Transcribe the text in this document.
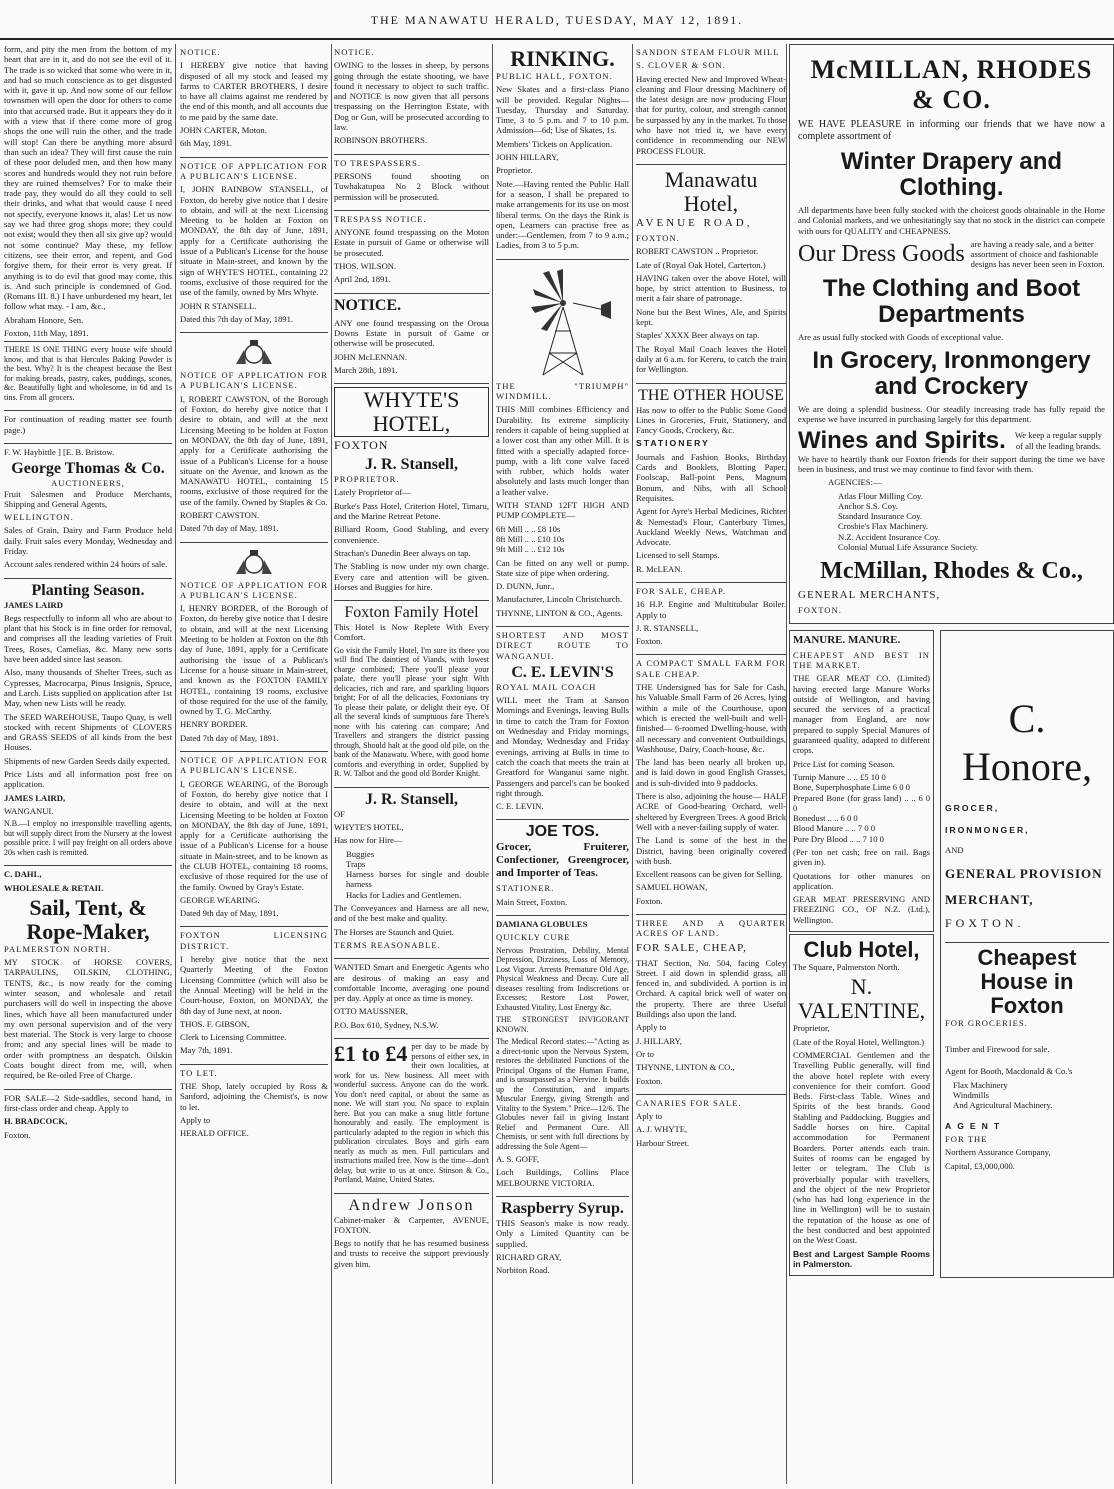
THE MANAWATU HERALD, TUESDAY, MAY 12, 1891.

form, and pity the men from the bottom of my heart that are in it, and do not see the evil of it. The trade is so wicked that some who were in it, and had so much conscience as to get disgusted with it, gave it up. And now some of our fellow townsmen will open the door for others to come into that accursed trade. But it appears they do it with a view that if there come more of grog shops the one will ruin the other, and the trade will stop! Can there be anything more absurd than such an idea? They will first cause the ruin of these poor deluded men, and then how many scores and hundreds would they not ruin before they are ruined themselves? For to make their trade pay, they would do all they could to sell their drinks, and what that would cause I need not specify, everyone knows it, alas! Let us now say we had three grog shops more; they could not exist; would they then all six give up? would not some continue? May these, my fellow citizens, see their error, and repent, and God forgive them, for their error is very great. If anything is to do evil that good may come, this is. And such principle is condemned of God. (Romans III. 8.) I have unburdened my heart, let follow what may. - I am, &c.,

Abraham Honore, Sen.

Foxton, 11th May, 1891.

THERE IS ONE THING every house wife should know, and that is that Hercules Baking Powder is the best. Why? It is the cheapest because the Best for making breads, pastry, cakes, puddings, scones, &c. Beautifully light and wholesome, in 6d and 1s tins. From all grocers.

For continuation of reading matter see fourth page.)

F. W. Haybittle ] [E. B. Bristow.

George Thomas & Co.
AUCTIONEERS,

Fruit Salesmen and Produce Merchants, Shipping and General Agents,

WELLINGTON.

Sales of Grain, Dairy and Farm Produce held daily. Fruit sales every Monday, Wednesday and Friday.

Account sales rendered within 24 hours of sale.

Planting Season.

JAMES LAIRD

Begs respectfully to inform all who are about to plant that his Stock is in fine order for removal, and comprises all the leading varieties of Fruit Trees, Roses, Camelias, &c. Many new sorts have been added since last season.

Also, many thousands of Shelter Trees, such as Cypresses, Macrocarpa, Pinus Insignis, Spruce, and Larch. Lists supplied on application after 1st May, when new Lists will be ready.

The SEED WAREHOUSE, Taupo Quay, is well stocked with recent Shipments of CLOVERS and GRASS SEEDS of all kinds from the best Houses.

Shipments of new Garden Seeds daily expected.

Price Lists and all information post free on application.

JAMES LAIRD,

WANGANUI.

N.B.—I employ no irresponsible travelling agents, but will supply direct from the Nursery at the lowest possible price. I will pay freight on all orders above 20s when cash is remitted.

C. DAHL,

WHOLESALE & RETAIL

Sail, Tent, & Rope-Maker,

PALMERSTON NORTH.

MY STOCK of HORSE COVERS, TARPAULINS, OILSKIN, CLOTHING, TENTS, &c., is now ready for the coming winter season, and wholesale and retail purchasers will do well in inspecting the above lines, which have all been manufactured under my own personal supervision and of the very best material. The Stock is very large to choose from; and any special lines will be made to order with promptness an despatch. Oilskin Coats bought direct from me, will, when required, be Re-oiled Free of Charge.

FOR SALE—2 Side-saddles, second hand, in first-class order and cheap. Apply to

H. BRADCOCK,

Foxton.

NOTICE.

I HEREBY give notice that having disposed of all my stock and leased my farms to CARTER BROTHERS, I desire to have all claims against me rendered by the end of this month, and all accounts due to me paid by the same date.

JOHN CARTER, Moton.

6th May, 1891.

NOTICE OF APPLICATION FOR A PUBLICAN'S LICENSE.

I, JOHN RAINBOW STANSELL, of Foxton, do hereby give notice that I desire to obtain, and will at the next Licensing Meeting to be holden at Foxton on MONDAY, the 8th day of June, 1891, apply for a Certificate authorising the issue of a Publican's License for the house situate in Main-street, and known by the sign of WHYTE'S HOTEL, containing 22 rooms, exclusive of those required for the use of the family, owned by Mrs Whyte.

JOHN R STANSELL.

Dated this 7th day of May, 1891.

NOTICE OF APPLICATION FOR A PUBLICAN'S LICENSE.

I, ROBERT CAWSTON, of the Borough of Foxton, do hereby give notice that I desire to obtain, and will at the next Licensing Meeting to be holden at Foxton on MONDAY, the 8th day of June, 1891, apply for a Certificate authorising the issue of a Publican's License for a house situate on the Avenue, and known as the MANAWATU HOTEL, containing 15 rooms, exclusive of those required for the use of the family. Owned by Staples & Co.

ROBERT CAWSTON.

Dated 7th day of May, 1891.

NOTICE OF APPLICATION FOR A PUBLICAN'S LICENSE.

I, HENRY BORDER, of the Borough of Foxton, do hereby give notice that I desire to obtain, and will at the next Licensing Meeting to be holden at Foxton on the 8th day of June, 1891, apply for a Certificate authorising the issue of a Publican's License for a house situate in Main-street, and known as the FOXTON FAMILY HOTEL, containing 19 rooms, exclusive of those required for the use of the family, owned by T. G. McCarthy.

HENRY BORDER.

Dated 7th day of May, 1891.

NOTICE OF APPLICATION FOR A PUBLICAN'S LICENSE.

I, GEORGE WEARING, of the Borough of Foxton, do hereby give notice that I desire to obtain, and will at the next Licensing Meeting to be holden at Foxton on MONDAY, the 8th day of June, 1891, apply for a Certificate authorising the issue of a Publican's License for a house situate in Main-street, and to be known as the CLUB HOTEL, containing 18 rooms, exclusive of those required for the use of the family. Owned by Gray's Estate.

GEORGE WEARING.

Dated 9th day of May, 1891.

FOXTON LICENSING DISTRICT.

I hereby give notice that the next Quarterly Meeting of the Foxton Licensing Committee (which will also be the Annual Meeting) will be held in the Court-house, Foxton, on MONDAY, the 8th day of June next, at noon.

THOS. F. GIBSON,

Clerk to Licensing Committee.

May 7th, 1891.

TO LET.

THE Shop, lately occupied by Ross & Sanford, adjoining the Chemist's, is now to let.

Apply to

HERALD OFFICE.

NOTICE.

OWING to the losses in sheep, by persons going through the estate shooting, we have found it necessary to object to such traffic. and NOTICE is now given that all persons trespassing on the Herrington Estate, with Dog or Gun, will be prosecuted according to law.

ROBINSON BROTHERS.

TO TRESPASSERS.

PERSONS found shooting on Tuwhakatupua No 2 Block without permission will be prosecuted.

TRESPASS NOTICE.

ANYONE found trespassing on the Moton Estate in pursuit of Game or otherwise will be prosecuted.

THOS. WILSON.

April 2nd, 1891.

NOTICE.

ANY one found trespassing on the Oroua Downs Estate in pursuit of Game or otherwise will be prosecuted.

JOHN McLENNAN.

March 28th, 1891.

WHYTE'S HOTEL,

FOXTON

J. R. Stansell,

PROPRIETOR.

Lately Proprietor of—

Burke's Pass Hotel, Criterion Hotel, Timaru, and the Marine Retreat Petone.

Billiard Room, Good Stabling, and every convenience.

Strachan's Dunedin Beer always on tap.

The Stabling is now under my own charge. Every care and attention will be given. Horses and Buggies for hire.

Foxton Family Hotel

This Hotel is Now Replete With Every Comfort.

Go visit the Family Hotel, I'm sure its there you will find The daintiest of Viands, with lowest charge combined; There you'll please your palate, there you'll please your sight With delicacies, rich and rare, and sparkling liquors bright; For of all the delicacies, Foxtonians try To please their palate, or delight their eye. Of all the several kinds of sumptuous fare There's none with his catering can compare; And Travellers and strangers the district passing through, Should halt at the good old pile, on the bank of the Manawatu. Where, with good home comforts and everything in order, Supplied by R. W. Talbot and the good old Border Knight.

J. R. Stansell,

OF

WHYTE'S HOTEL,

Has now for Hire—

Buggies
Traps
Harness horses for single and double harness
Hacks for Ladies and Gentlemen.

The Conveyances and Harness are all new, and of the best make and quality.

The Horses are Staunch and Quiet.

TERMS REASONABLE.

WANTED Smart and Energetic Agents who are desirous of making an easy and comfortable Income, averaging one pound per day. Apply at once as time is money.

OTTO MAUSSNER,

P.O. Box 610, Sydney, N.S.W.

£1 to £4 per day to be made by persons of either sex, in their own localities, at work for us. New business. All meet with wonderful success. Anyone can do the work. You don't need capital, or about the same as none. We will start you. No space to explain here. But you can make a snug little fortune honourably and easily. The employment is particularly adapted to the region in which this publication circulates. Boys and girls earn nearly as much as men. Full particulars and instructions mailed free. Now is the time—don't delay, but write to us at once. Stinson & Co., Portland, Maine, United States.

Andrew Jonson

Cabinet-maker & Carpenter, AVENUE, FOXTON.

Begs to notify that he has resumed business and trusts to receive the support previously given him.

RINKING.

PUBLIC HALL, FOXTON.

New Skates and a first-class Piano will be provided. Regular Nights—Tuesday, Thursday and Saturday. Time, 3 to 5 p.m. and 7 to 10 p.m. Admission—6d; Use of Skates, 1s.

Members' Tickets on Application.

JOHN HILLARY,

Proprietor.

Note.—Having rented the Public Hall for a season, I shall be prepared to make arrangements for its use on most liberal terms. On the days the Rink is open, Learners can practise free as under:—Gentlemen, from 7 to 9 a.m.; Ladies, from 3 to 5 p.m.

THE "TRIUMPH" WINDMILL.

THIS Mill combines Efficiency and Durability. Its extreme simplicity renders it capable of being supplied at a lower cost than any other Mill. It is fitted with a specially adapted force-pump, with a lift cone valve faced with rubber, which holds water absolutely and lasts much longer than a leather valve.

WITH STAND 12FT HIGH AND PUMP COMPLETE—

6ft Mill .. .. £8 10s
8ft Mill .. .. £10 10s
9ft Mill .. .. £12 10s

Can be fitted on any well or pump. State size of pipe when ordering.

D. DUNN, Junr.,

Manufacturer, Lincoln Christchurch.

THYNNE, LINTON & CO., Agents.

SHORTEST AND MOST DIRECT ROUTE TO WANGANUI.

C. E. LEVIN'S

ROYAL MAIL COACH

WILL meet the Tram at Sanson Mornings and Evenings, leaving Bulls in time to catch the Tram for Foxton on Wednesday and Friday mornings, and Monday, Wednesday and Friday evenings, arriving at Bulls in time to catch the coach that meets the train at Greatford for Wanganui same night. Passengers and parcel's can be booked right through.

C. E. LEVIN.

JOE TOS.

Grocer, Fruiterer, Confectioner, Greengrocer, and Importer of Teas.

STATIONER.

Main Street, Foxton.

DAMIANA GLOBULES

QUICKLY CURE

Nervous Prostration, Debility, Mental Depression, Dizziness, Loss of Memory, Lost Vigour. Arrests Premature Old Age, Physical Weakness and Decay. Cure all diseases resulting from Indiscretions or Excesses; Restore Lost Power, Exhausted Vitality, Lost Energy &c.

THE STRONGEST INVIGORANT KNOWN.

The Medical Record states:—"Acting as a direct-tonic upon the Nervous System, restores the debilitated Functions of the Principal Organs of the Human Frame, and is unsurpassed as a Nervine. It builds up the Constitution, and imparts Muscular Energy, giving Strength and Vitality to the System." Price—12/6. The Globules never fail in giving Instant Relief and Permanent Cure. All Chemists, or sent with full directions by addressing the Sole Agent—

A. S. GOFF,

Loch Buildings, Collins Place MELBOURNE VICTORIA.

Raspberry Syrup.

THIS Season's make is now ready. Only a Limited Quantity can be supplied.

RICHARD GRAY,

Norbiton Road.

SANDON STEAM FLOUR MILL

S. CLOVER & SON.

Having erected New and Improved Wheat-cleaning and Flour dressing Machinery of the latest design are now producing Flour that for purity, colour, and strength cannot be surpassed by any in the market. To those who have not tried it, we have every confidence in recommending our NEW PROCESS FLOUR.

Manawatu Hotel,

AVENUE ROAD,

FOXTON.

ROBERT CAWSTON .. Proprietor.

Late of (Royal Oak Hotel, Carterton.)

HAVING taken over the above Hotel, will hope, by strict attention to Business, to merit a fair share of patronage.

None but the Best Wines, Ale, and Spirits kept.

Staples' XXXX Beer always on tap.

The Royal Mail Coach leaves the Hotel daily at 6 a.m. for Kereru, to catch the train for Wellington.

THE OTHER HOUSE

Has now to offer to the Public Some Good Lines in Groceries, Fruit, Stationery, and Fancy Goods, Crockery, &c.

STATIONERY

Journals and Fashion Books, Birthday Cards and Booklets, Blotting Paper, Foolscap, Ball-point Pens, Magnum Bonum, and Nibs, with all School Requisites.

Agent for Ayre's Herbal Medicines, Richter & Nemestad's Flour, Canterbury Times, Auckland Weekly News, Watchman and Advocate.

Licensed to sell Stamps.

R. McLEAN.

FOR SALE, CHEAP.

16 H.P. Engine and Multitubular Boiler. Apply to

J. R. STANSELL,

Foxton.

A COMPACT SMALL FARM FOR SALE CHEAP.

THE Undersigned has for Sale for Cash, his Valuable Small Farm of 26 Acres, lying within a mile of the Courthouse, upon which is erected the well-built and well-finished— 6-roomed Dwelling-house, with all necessary and convenient Outbuildings, Washhouse, Dairy, Coach-house, &c.

The land has been nearly all broken up, and is laid down in good English Grasses, and is sub-divided into 9 paddocks.

There is also, adjoining the house— HALF ACRE of Good-bearing Orchard, well-sheltered by Evergreen Trees. A good Brick Well with a never-failing supply of water.

The Land is some of the best in the District, having been originally covered with bush.

Excellent reasons can be given for Selling.

SAMUEL HOWAN,

Foxton.

THREE AND A QUARTER ACRES OF LAND.

FOR SALE, CHEAP,

THAT Section, No. 504, facing Coley Street. I aid down in splendid grass, all fenced in, and subdivided. A portion is in Orchard. A capital brick well of water on the property. There are three Useful Buildings also upon the land.

Apply to

J. HILLARY,

Or to

THYNNE, LINTON & CO.,

Foxton.

CANARIES FOR SALE.

Aply to

A. J. WHYTE,

Harbour Street.

McMILLAN, RHODES & CO.

WE HAVE PLEASURE in informing our friends that we have now a complete assortment of

Winter Drapery and Clothing.

All departments have been fully stocked with the choicest goods obtainable in the Home and Colonial markets, and we unhesitatingly say that no stock in the district can compete with ours for QUALITY and CHEAPNESS.

Our Dress Goods are having a ready sale, and a better assortment of choice and fashionable designs has never been seen in Foxton.
The Clothing and Boot Departments

Are as usual fully stocked with Goods of exceptional value.

In Grocery, Ironmongery and Crockery

We are doing a splendid business. Our steadily increasing trade has fully repaid the expense we have incurred in purchasing largely for this department.

Wines and Spirits.	We keep a regular supply of all the leading brands.

We have to heartily thank our Foxton friends for their support during the time we have been in business, and trust we may continue to find favor with them.

AGENCIES:—

Atlas Flour Milling Coy.
Anchor S.S. Coy.
Standard Insurance Coy.
Crosbie's Flax Machinery.
N.Z. Accident Insurance Coy.
Colonial Mutual Life Assurance Society.

McMillan, Rhodes & Co.,

GENERAL MERCHANTS,

FOXTON.

MANURE. MANURE.

CHEAPEST AND BEST IN THE MARKET.

THE GEAR MEAT CO. (Limited) having erected large Manure Works outside of Wellington, and having secured the services of a practical manager from England, are now prepared to supply Special Manures of guaranteed quality, adapted to different crops.

Price List for coming Season.

Turnip Manure .. .. £5 10 0
Bone, Superphosphate Lime 6 0 0
Prepared Bone (for grass land) .. .. 6 0 0
Bonedust .. .. 6 0 0
Blood Manure .. .. 7 0 0
Pure Dry Blood .. .. 7 10 0

(Per ton net cash; free on rail. Bags given in).

Quotations for other manures on application.

GEAR MEAT PRESERVING AND FREEZING CO., OF N.Z. (Ltd.), Wellington.

Club Hotel,

The Square, Palmerston North.

N. VALENTINE,

Proprietor,

(Late of the Royal Hotel, Wellington.)

COMMERCIAL Gentlemen and the Travelling Public generally, will find the above hotel replete with every convenience for their comfort. Good Beds. First-class Table. Wines and Spirits of the best brands. Good Stabling and Paddocking. Buggies and Saddle horses on hire. Capital accommodation for Permanent Boarders. Porter attends each train. Suites of rooms can be engaged by letter or telegram. The Club is proverbially popular with travellers, and the object of the new Proprietor (who has had long experience in the line in Wellington) will be to sustain the reputation of the house as one of the best conducted and best appointed on the West Coast.

Best and Largest Sample Rooms in Palmerston.

C. Honore,

GROCER,

IRONMONGER,

AND

GENERAL PROVISION

MERCHANT,

FOXTON.

Cheapest House in Foxton

FOR GROCERIES.

Timber and Firewood for sale.

Agent for Booth, Macdonald & Co.'s

Flax Machinery
Windmills
And Agricultural Machinery.

AGENT

FOR THE

Northern Assurance Company,

Capital, £3,000,000.
